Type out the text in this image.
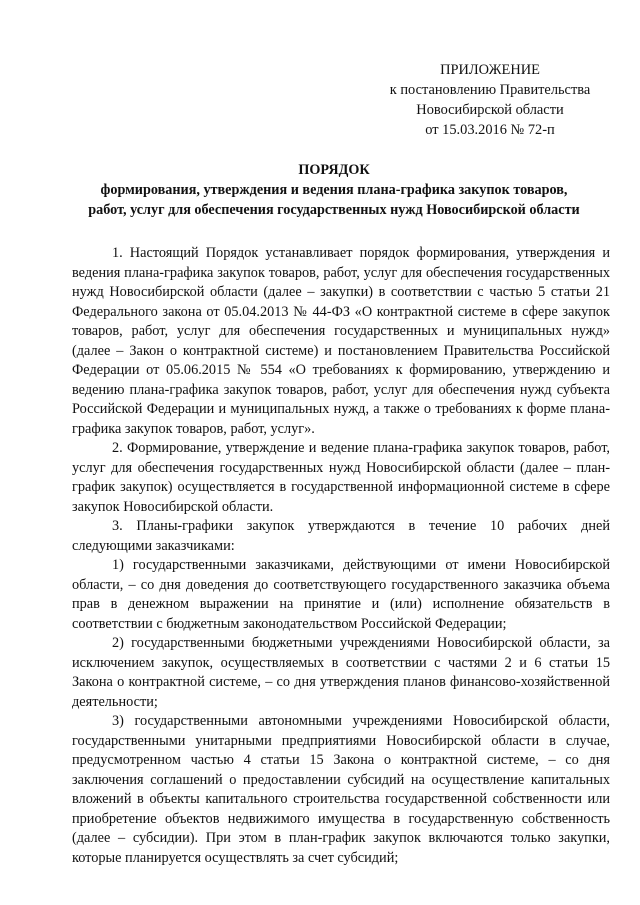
ПРИЛОЖЕНИЕ
к постановлению Правительства
Новосибирской области
от 15.03.2016 № 72-п
ПОРЯДОК
формирования, утверждения и ведения плана-графика закупок товаров,
работ, услуг для обеспечения государственных нужд Новосибирской области

1. Настоящий Порядок устанавливает порядок формирования, утверждения и ведения плана-графика закупок товаров, работ, услуг для обеспечения государственных нужд Новосибирской области (далее – закупки) в соответствии с частью 5 статьи 21 Федерального закона от 05.04.2013 № 44-ФЗ «О контрактной системе в сфере закупок товаров, работ, услуг для обеспечения государственных и муниципальных нужд» (далее – Закон о контрактной системе) и постановлением Правительства Российской Федерации от 05.06.2015 № 554 «О требованиях к формированию, утверждению и ведению плана-графика закупок товаров, работ, услуг для обеспечения нужд субъекта Российской Федерации и муниципальных нужд, а также о требованиях к форме плана-графика закупок товаров, работ, услуг».

2. Формирование, утверждение и ведение плана-графика закупок товаров, работ, услуг для обеспечения государственных нужд Новосибирской области (далее – план-график закупок) осуществляется в государственной информационной системе в сфере закупок Новосибирской области.

3. Планы-графики закупок утверждаются в течение 10 рабочих дней следующими заказчиками:

1) государственными заказчиками, действующими от имени Новосибирской области, – со дня доведения до соответствующего государственного заказчика объема прав в денежном выражении на принятие и (или) исполнение обязательств в соответствии с бюджетным законодательством Российской Федерации;

2) государственными бюджетными учреждениями Новосибирской области, за исключением закупок, осуществляемых в соответствии с частями 2 и 6 статьи 15 Закона о контрактной системе, – со дня утверждения планов финансово-хозяйственной деятельности;

3) государственными автономными учреждениями Новосибирской области, государственными унитарными предприятиями Новосибирской области в случае, предусмотренном частью 4 статьи 15 Закона о контрактной системе, – со дня заключения соглашений о предоставлении субсидий на осуществление капитальных вложений в объекты капитального строительства государственной собственности или приобретение объектов недвижимого имущества в государственную собственность (далее – субсидии). При этом в план-график закупок включаются только закупки, которые планируется осуществлять за счет субсидий;
